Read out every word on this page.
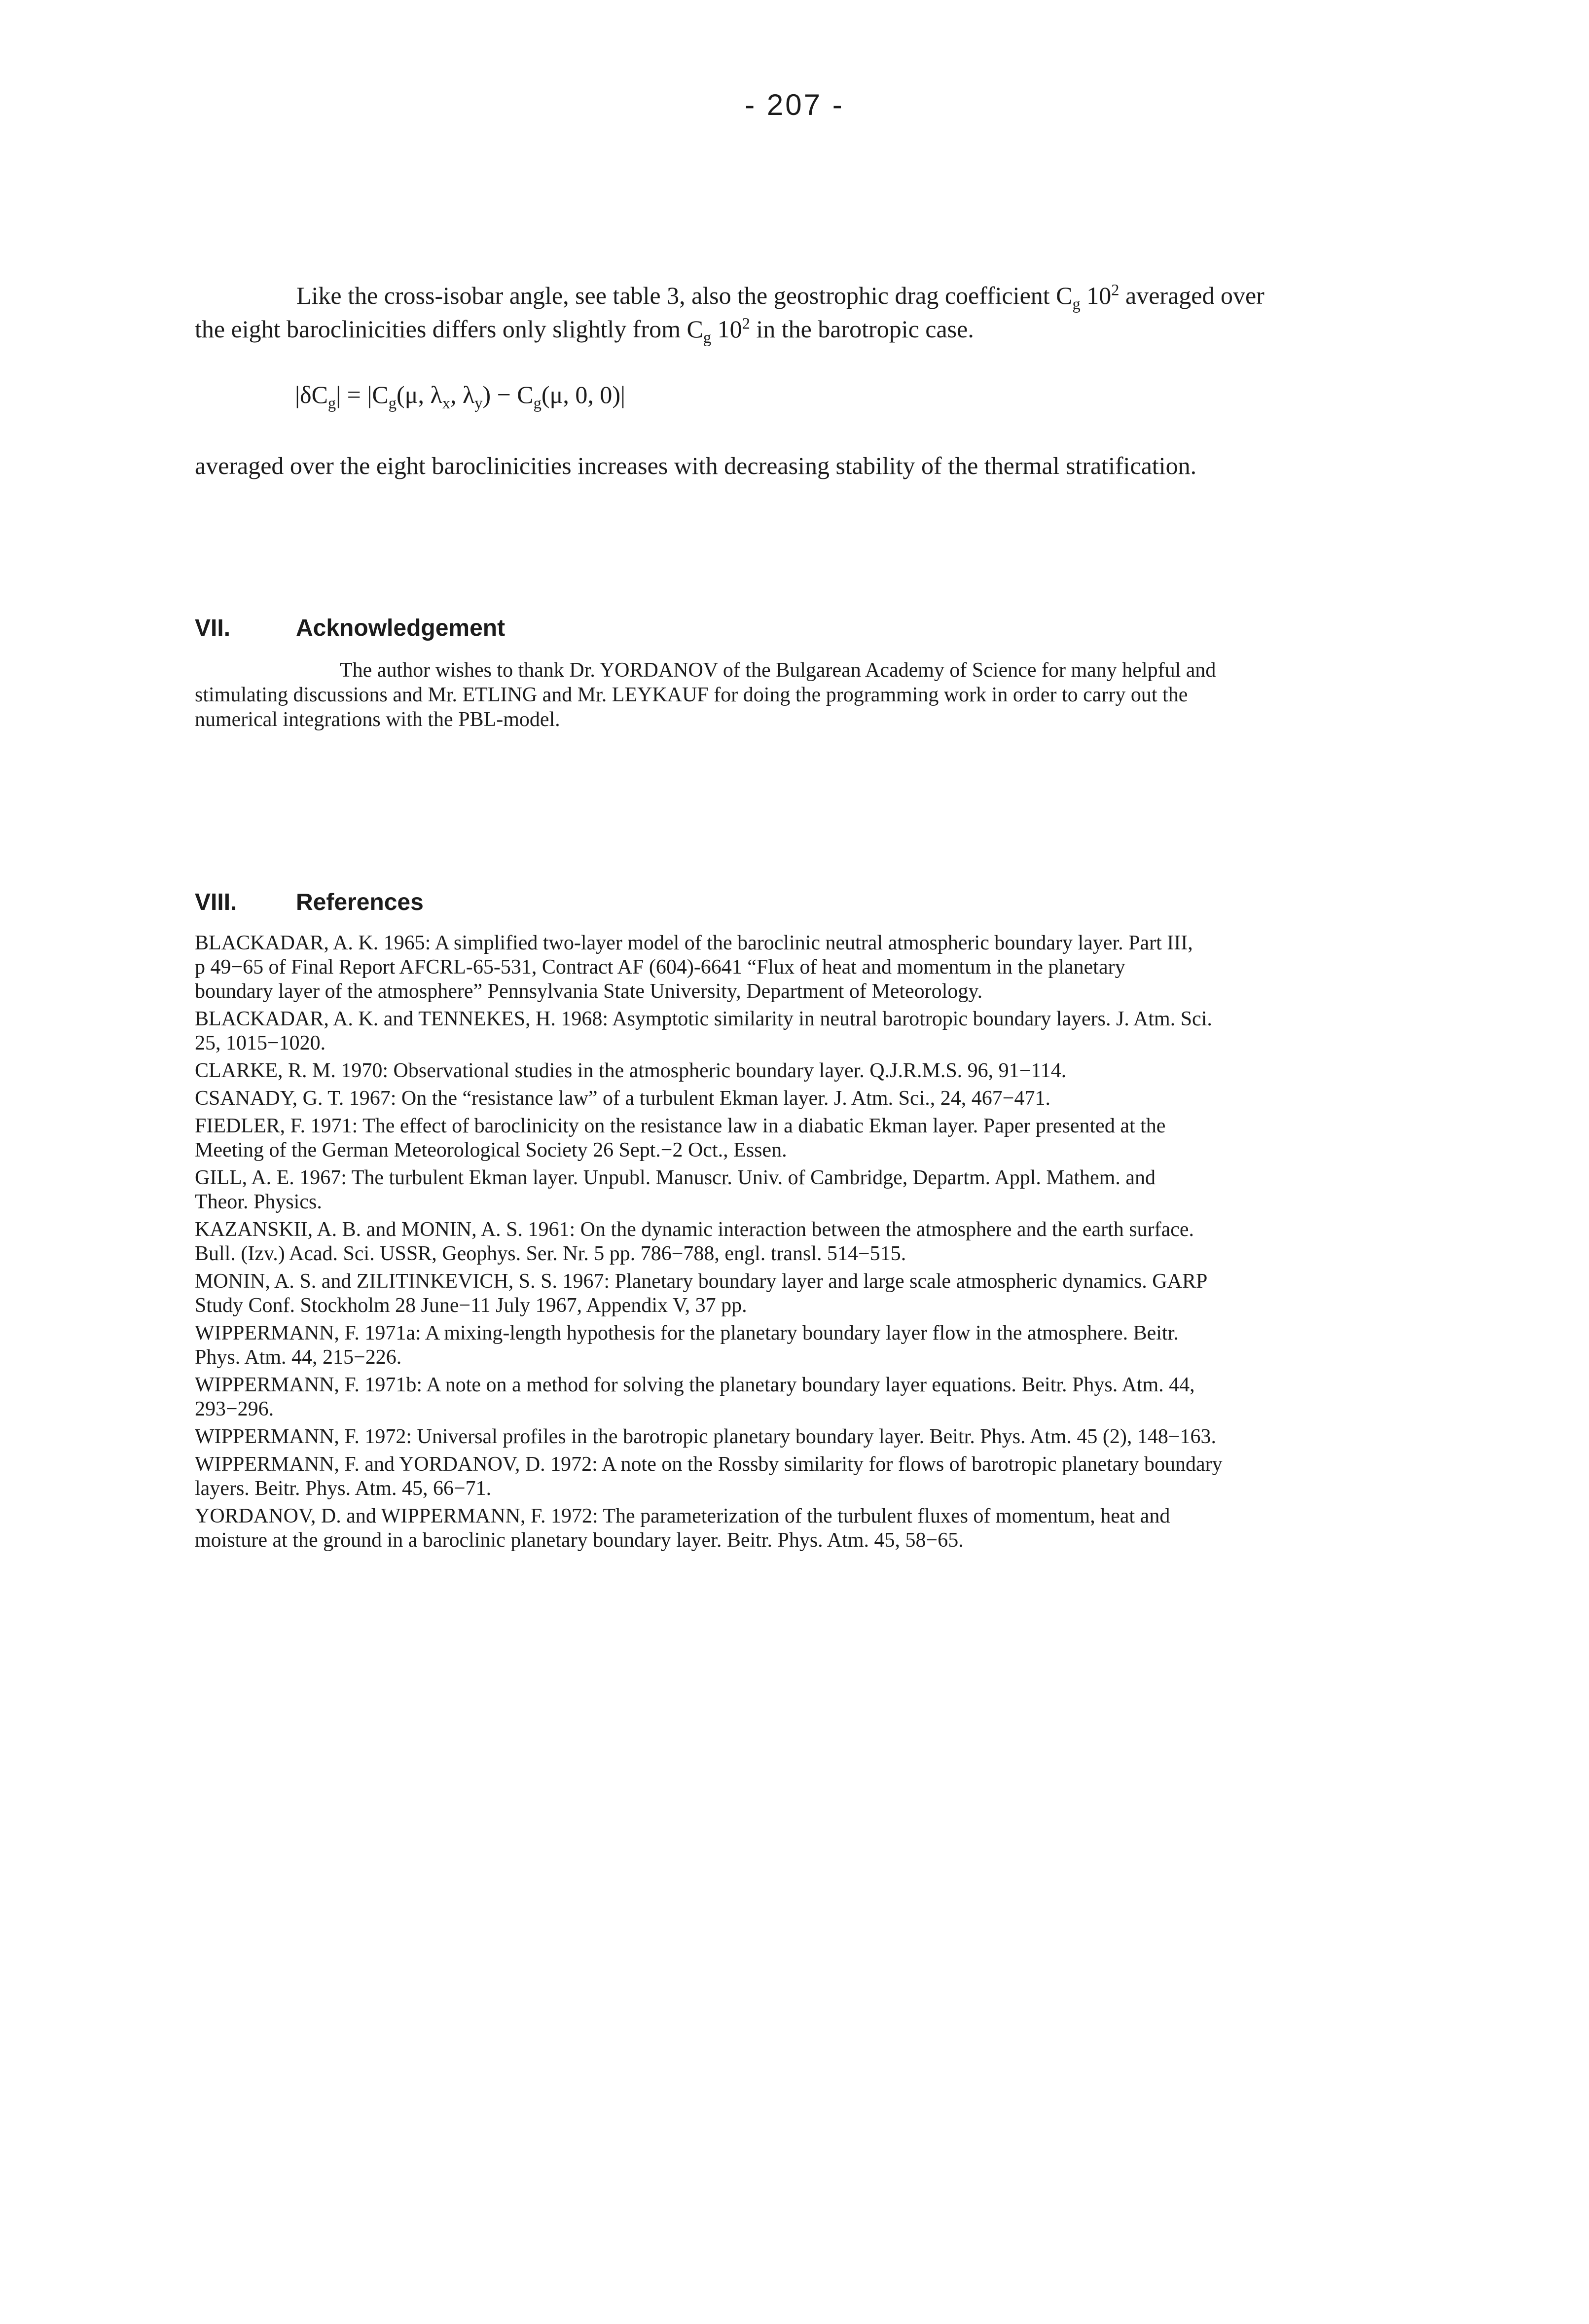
- 207 -

Like the cross-isobar angle, see table 3, also the geostrophic drag coefficient $C_g$ $10^2$ averaged over
the eight baroclinicities differs only slightly from $C_g$ $10^2$ in the barotropic case.

$|\delta C_g| = |C_g(\mu$, $\lambda_x$, $\lambda_y) - C_g(\mu$, 0, 0)|

averaged over the eight baroclinicities increases with decreasing stability of the thermal stratification.

VII.	Acknowledgement

The author wishes to thank Dr. YORDANOV of the Bulgarean Academy of Science for many helpful and
stimulating discussions and Mr. ETLING and Mr. LEYKAUF for doing the programming work in order to carry out the
numerical integrations with the PBL-model.

VIII. References
BLACKADAR, A. K. 1965: A simplified two-layer model of the baroclinic neutral atmospheric boundary layer. Part III,
p 49−65 of Final Report AFCRL-65-531, Contract AF (604)-6641 “Flux of heat and momentum in the planetary
boundary layer of the atmosphere” Pennsylvania State University, Department of Meteorology.
BLACKADAR, A. K. and TENNEKES, H. 1968: Asymptotic similarity in neutral barotropic boundary layers. J. Atm. Sci.
25, 1015−1020.
CLARKE, R. M. 1970: Observational studies in the atmospheric boundary layer. Q.J.R.M.S. 96, 91−114.
CSANADY, G. T. 1967: On the “resistance law” of a turbulent Ekman layer. J. Atm. Sci., 24, 467−471.
FIEDLER, F. 1971: The effect of baroclinicity on the resistance law in a diabatic Ekman layer. Paper presented at the
Meeting of the German Meteorological Society 26 Sept.−2 Oct., Essen.
GILL, A. E. 1967: The turbulent Ekman layer. Unpubl. Manuscr. Univ. of Cambridge, Departm. Appl. Mathem. and
Theor. Physics.
KAZANSKII, A. B. and MONIN, A. S. 1961: On the dynamic interaction between the atmosphere and the earth surface.
Bull. (Izv.) Acad. Sci. USSR, Geophys. Ser. Nr. 5 pp. 786−788, engl. transl. 514−515.
MONIN, A. S. and ZILITINKEVICH, S. S. 1967: Planetary boundary layer and large scale atmospheric dynamics. GARP
Study Conf. Stockholm 28 June−11 July 1967, Appendix V, 37 pp.
WIPPERMANN, F. 1971a: A mixing-length hypothesis for the planetary boundary layer flow in the atmosphere. Beitr.
Phys. Atm. 44, 215−226.
WIPPERMANN, F. 1971b: A note on a method for solving the planetary boundary layer equations. Beitr. Phys. Atm. 44,
293−296.
WIPPERMANN, F. 1972: Universal profiles in the barotropic planetary boundary layer. Beitr. Phys. Atm. 45 (2), 148−163.
WIPPERMANN, F. and YORDANOV, D. 1972: A note on the Rossby similarity for flows of barotropic planetary boundary
layers. Beitr. Phys. Atm. 45, 66−71.
YORDANOV, D. and WIPPERMANN, F. 1972: The parameterization of the turbulent fluxes of momentum, heat and
moisture at the ground in a baroclinic planetary boundary layer. Beitr. Phys. Atm. 45, 58−65.
